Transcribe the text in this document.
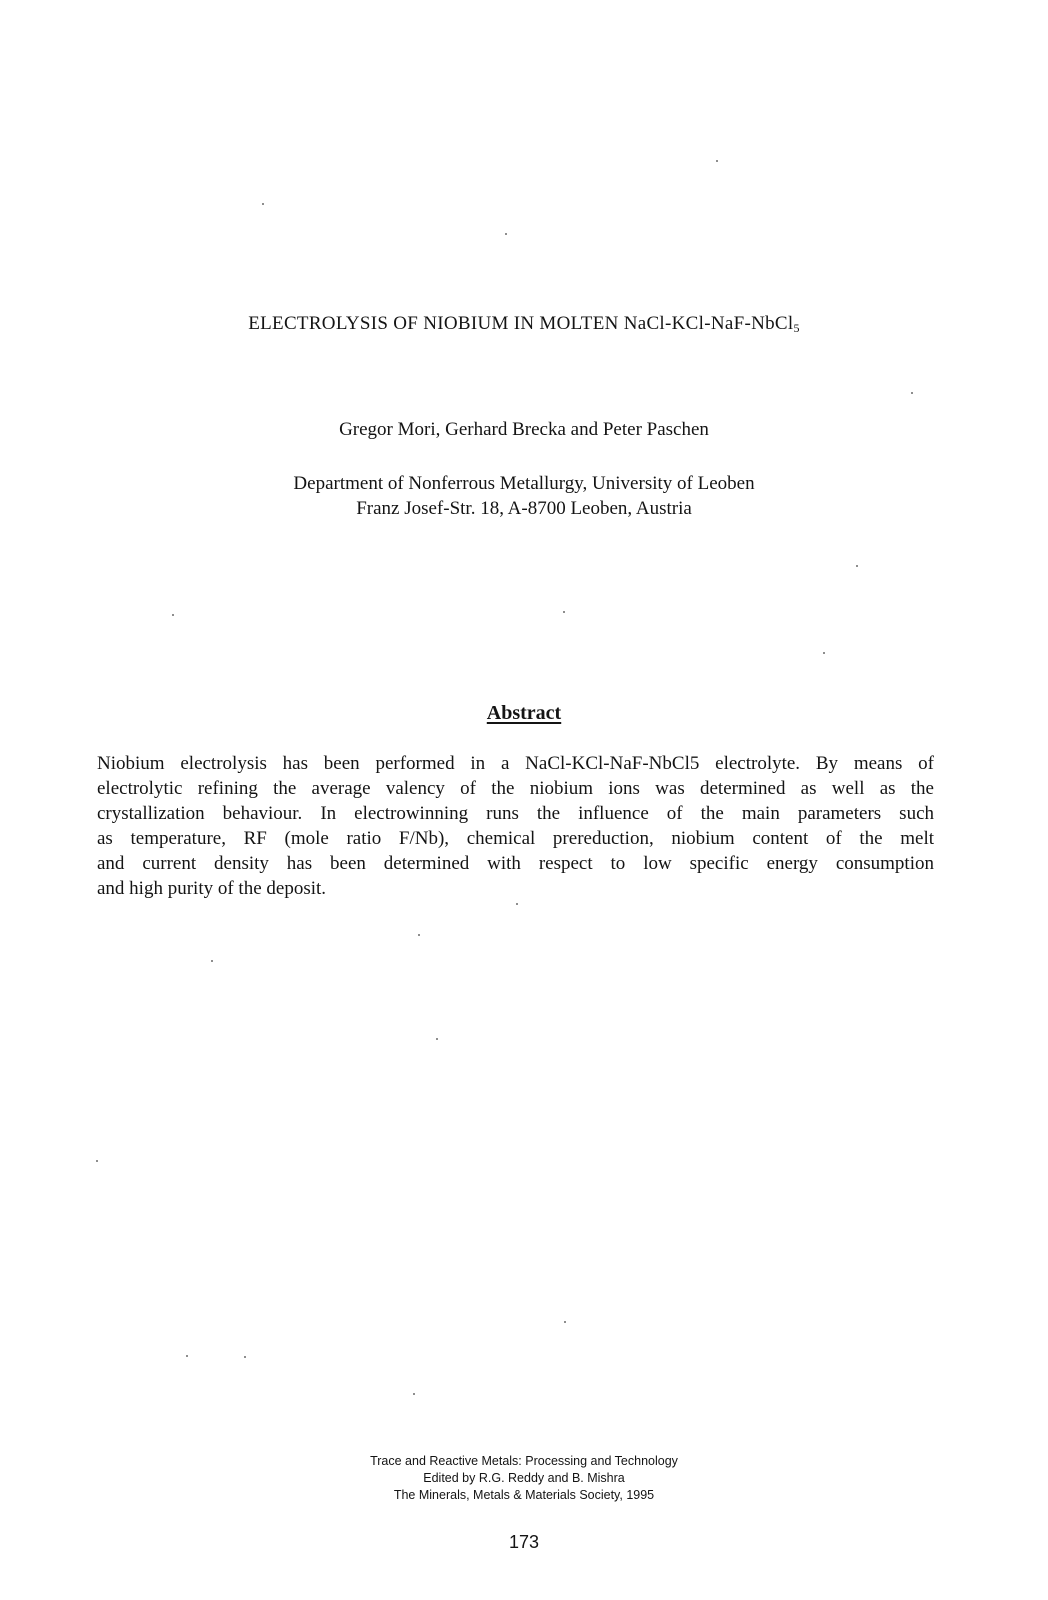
ELECTROLYSIS OF NIOBIUM IN MOLTEN NaCl-KCl-NaF-NbCl$_5$
Gregor Mori, Gerhard Brecka and Peter Paschen
Department of Nonferrous Metallurgy, University of Leoben
Franz Josef-Str. 18, A-8700 Leoben, Austria
Abstract
Niobium electrolysis has been performed in a NaCl-KCl-NaF-NbCl5 electrolyte. By means of
electrolytic refining the average valency of the niobium ions was determined as well as the
crystallization behaviour. In electrowinning runs the influence of the main parameters such
as temperature, RF (mole ratio F/Nb), chemical prereduction, niobium content of the melt
and current density has been determined with respect to low specific energy consumption
and high purity of the deposit.
Trace and Reactive Metals: Processing and Technology
Edited by R.G. Reddy and B. Mishra
The Minerals, Metals & Materials Society, 1995
173
